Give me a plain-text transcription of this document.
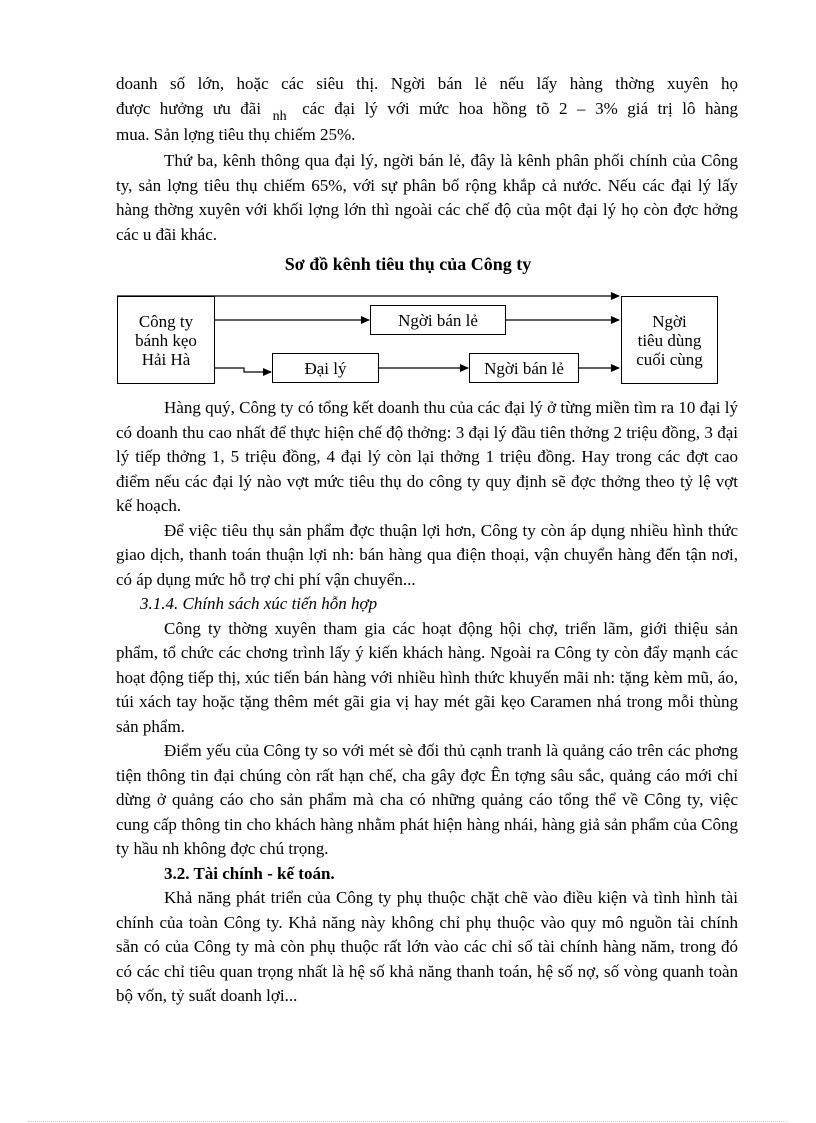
doanh số lớn, hoặc các siêu thị. Ngời bán lẻ nếu lấy hàng thờng xuyên họ

được hưởng ưu đãi $_{nh}$ các đại lý với mức hoa hồng tõ 2 – 3% giá trị lô hàng

mua. Sản lợng tiêu thụ chiếm 25%.

Thứ ba, kênh thông qua đại lý, ngời bán lẻ, đây là kênh phân phối chính của Công ty, sản lợng tiêu thụ chiếm 65%, với sự phân bố rộng khắp cả nước. Nếu các đại lý lấy hàng thờng xuyên với khối lợng lớn thì ngoài các chế độ của một đại lý họ còn đợc hởng các u đãi khác.

Sơ đồ kênh tiêu thụ của Công ty
Công ty
bánh kẹo
Hải Hà
Ngời bán lẻ
Đại lý	Ngời bán lẻ
Ngời
tiêu dùng
cuối cùng

Hàng quý, Công ty có tổng kết doanh thu của các đại lý ở từng miền tìm ra 10 đại lý có doanh thu cao nhất để thực hiện chế độ thởng: 3 đại lý đầu tiên thởng 2 triệu đồng, 3 đại lý tiếp thởng 1, 5 triệu đồng, 4 đại lý còn lại thởng 1 triệu đồng. Hay trong các đợt cao điểm nếu các đại lý nào vợt mức tiêu thụ do công ty quy định sẽ đợc thởng theo tỷ lệ vợt kế hoạch.

Để việc tiêu thụ sản phẩm đợc thuận lợi hơn, Công ty còn áp dụng nhiều hình thức giao dịch, thanh toán thuận lợi nh: bán hàng qua điện thoại, vận chuyển hàng đến tận nơi, có áp dụng mức hỗ trợ chi phí vận chuyển...

3.1.4. Chính sách xúc tiến hỗn hợp

Công ty thờng xuyên tham gia các hoạt động hội chợ, triển lãm, giới thiệu sản phẩm, tổ chức các chơng trình lấy ý kiến khách hàng. Ngoài ra Công ty còn đẩy mạnh các hoạt động tiếp thị, xúc tiến bán hàng với nhiều hình thức khuyến mãi nh: tặng kèm mũ, áo, túi xách tay hoặc tặng thêm mét gãi gia vị hay mét gãi kẹo Caramen nhá trong mỗi thùng sản phẩm.

Điểm yếu của Công ty so với mét sè đối thủ cạnh tranh là quảng cáo trên các phơng tiện thông tin đại chúng còn rất hạn chế, cha gây đợc Ên tợng sâu sắc, quảng cáo mới chỉ dừng ở quảng cáo cho sản phẩm mà cha có những quảng cáo tổng thể về Công ty, việc cung cấp thông tin cho khách hàng nhằm phát hiện hàng nhái, hàng giả sản phẩm của Công ty hầu nh không đợc chú trọng.

3.2. Tài chính - kế toán.

Khả năng phát triển của Công ty phụ thuộc chặt chẽ vào điều kiện và tình hình tài chính của toàn Công ty. Khả năng này không chỉ phụ thuộc vào quy mô nguồn tài chính sẵn có của Công ty mà còn phụ thuộc rất lớn vào các chỉ số tài chính hàng năm, trong đó có các chỉ tiêu quan trọng nhất là hệ số khả năng thanh toán, hệ số nợ, số vòng quanh toàn bộ vốn, tỷ suất doanh lợi...
